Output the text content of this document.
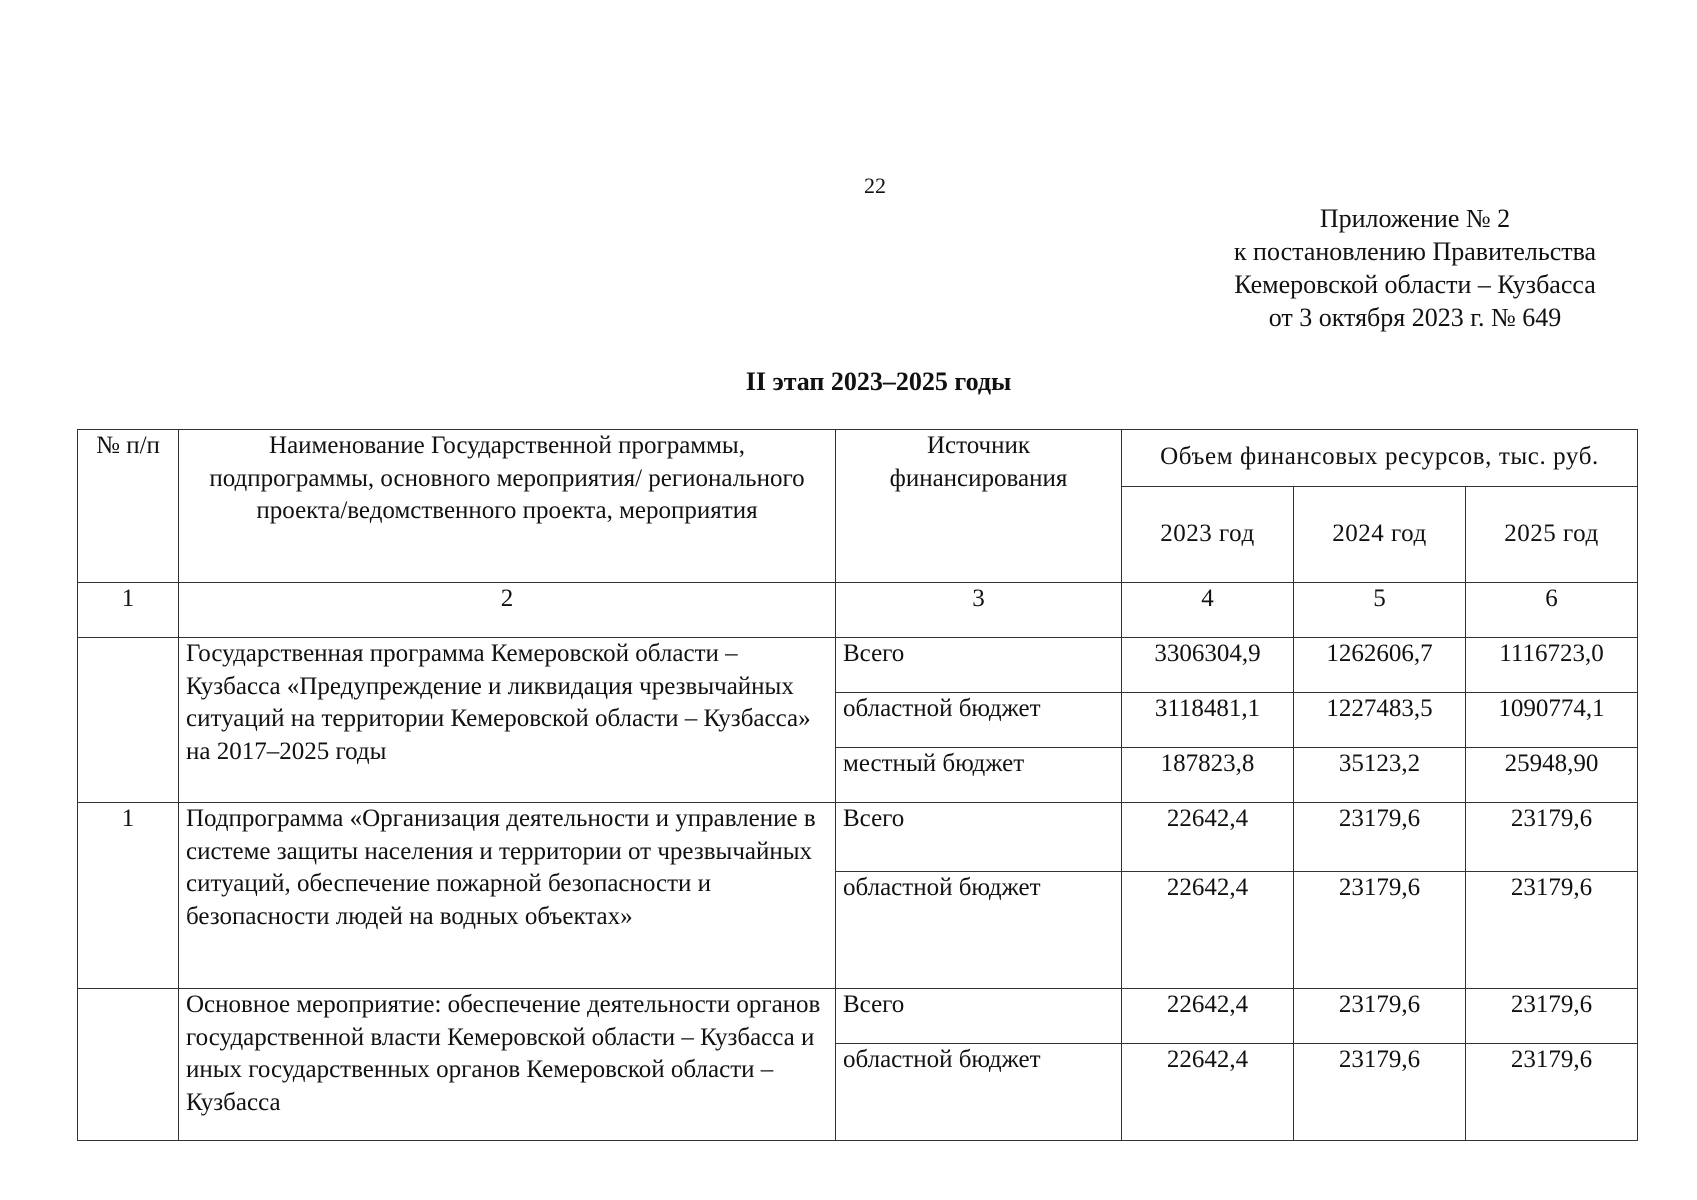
22
Приложение № 2
к постановлению Правительства
Кемеровской области – Кузбасса
от 3 октября 2023 г. № 649
II этап 2023–2025 годы
№ п/п	Наименование Государственной программы, подпрограммы, основного мероприятия/ регионального проекта/ведомственного проекта, мероприятия	Источник финансирования	Объем финансовых ресурсов, тыс. руб.		
			2023 год	2024 год	2025 год
1	2	3	4	5	6
	Государственная программа Кемеровской области – Кузбасса «Предупреждение и ликвидация чрезвычайных ситуаций на территории Кемеровской области – Кузбасса» на 2017–2025 годы	Всего	3306304,9	1262606,7	1116723,0
		областной бюджет	3118481,1	1227483,5	1090774,1
		местный бюджет	187823,8	35123,2	25948,90
1	Подпрограмма «Организация деятельности и управление в системе защиты населения и территории от чрезвычайных ситуаций, обеспечение пожарной безопасности и безопасности людей на водных объектах»	Всего	22642,4	23179,6	23179,6
		областной бюджет	22642,4	23179,6	23179,6
	Основное мероприятие: обеспечение деятельности органов государственной власти Кемеровской области – Кузбасса и иных государственных органов Кемеровской области – Кузбасса	Всего	22642,4	23179,6	23179,6
		областной бюджет	22642,4	23179,6	23179,6
